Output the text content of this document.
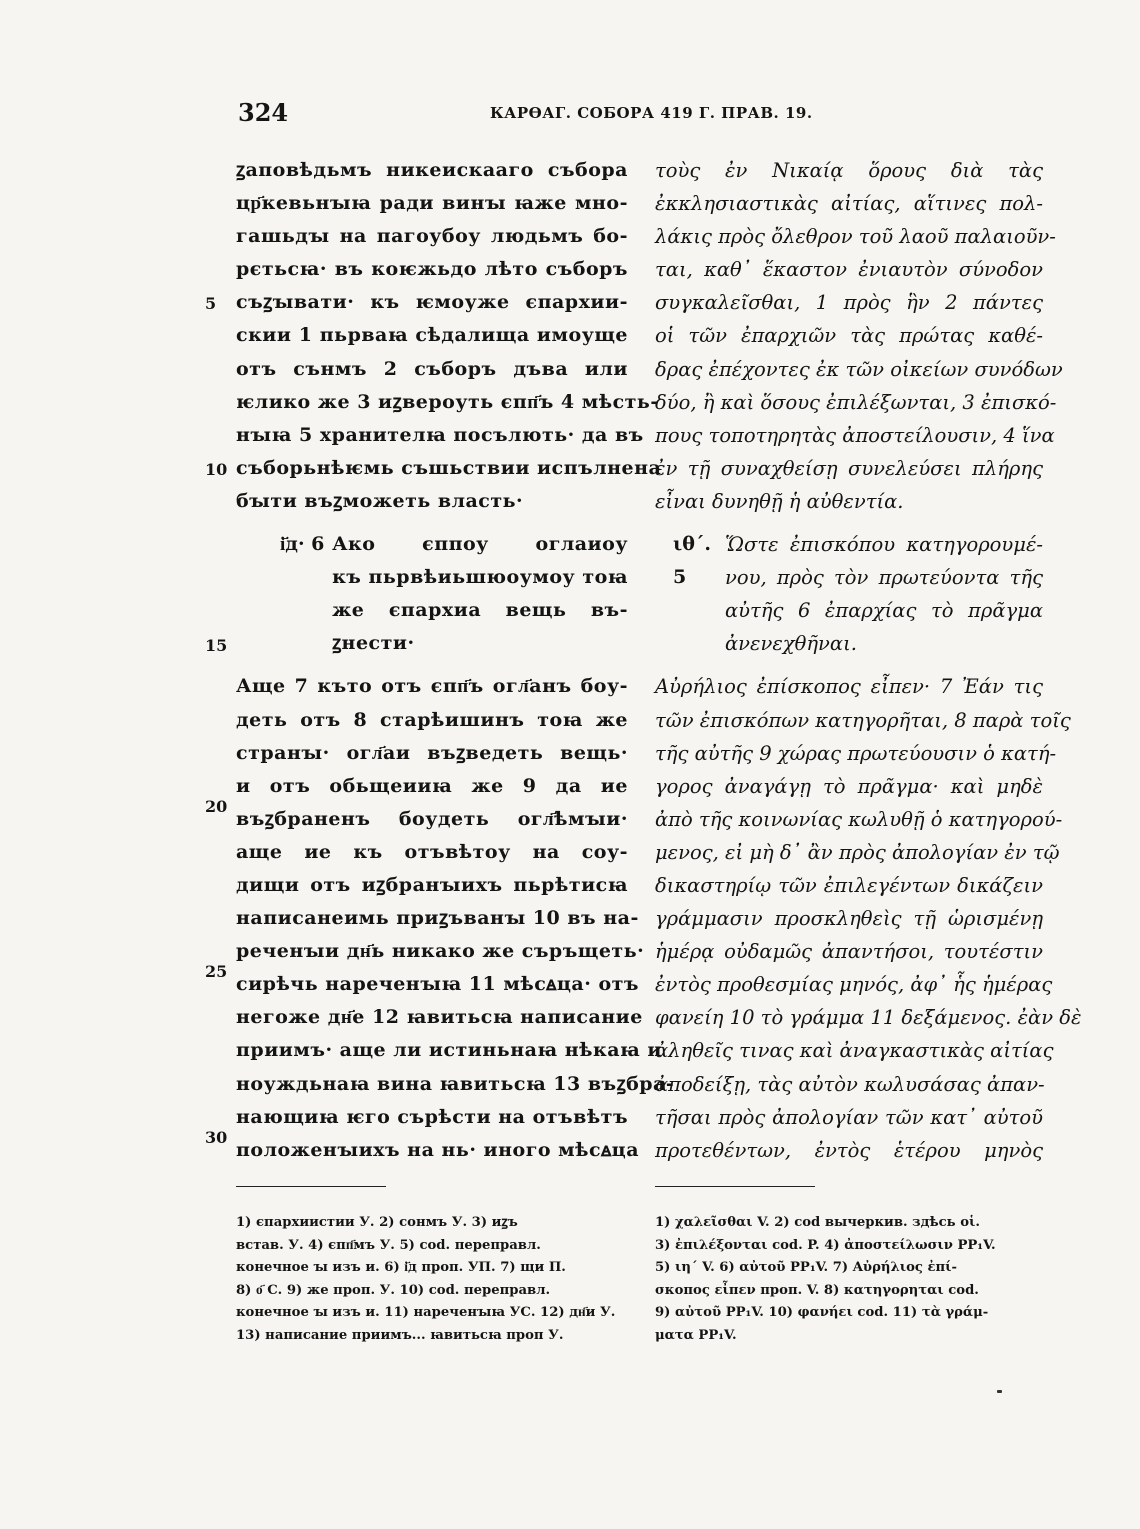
324	КАРѲАГ. СОБОРА 419 Г. ПРАВ. 19.
5
10
15
20
25
30
ꙁаповѣдьмъ никеискааго събора
цр҃кевьнꙑꙗ ради винꙑ ꙗже мно-
гашьдꙑ на пагоубоу людьмъ бо-
рєтьсꙗ· въ коѥжьдо лѣто съборъ
съꙁꙑвати· къ ѥмоуже єпархии-
скии 1 пьрваꙗ сѣдалища имоуще
отъ сънмъ 2 съборъ дъва или
ѥлико же 3 иꙁвероуть єпп҃ъ 4 мѣсть-
нꙑꙗ 5 хранителꙗ посълють· да въ
съборьнѣѥмь съшьствии испълнена
бꙑти въꙁможеть власть·
і҃д· 6 Ако єппоу оглаиоу
къ пьрвѣиьшюоумоу тоꙗ
же єпархиа вещь въ-
ꙁнести·
Аще 7 къто отъ єпп҃ъ огл҃анъ боу-
деть отъ 8 старѣишинъ тоꙗ же
странꙑ· огл҃аи въꙁведеть вещь·
и отъ обьщеииꙗ же 9 да ие
въꙁбраненъ боудеть огл҃ѣмꙑи·
аще ие къ отъвѣтоу на соу-
дищи отъ иꙁбранꙑихъ пьрѣтисꙗ
написанеимь приꙁъванꙑ 10 въ на-
реченꙑи дн҃ь никако же съръщеть·
сирѣчь нареченꙑꙗ 11 мѣсꙙца· отъ
негоже дн҃е 12 ꙗвитьсꙗ написание
приимъ· аще ли истиньнаꙗ нѣкаꙗ и
ноуждьнаꙗ вина ꙗвитьсꙗ 13 въꙁбра-
нающиꙗ ѥго сърѣсти на отъвѣтъ
положенꙑихъ на нь· иного мѣсꙙца
τοὺς ἐν Νικαίᾳ ὅρους διὰ τὰς
ἐκκλησιαστικὰς αἰτίας, αἵτινες πολ-
λάκις πρὸς ὄλεθρον τοῦ λαοῦ παλαιοῦν-
ται, καθ᾽ ἕκαστον ἐνιαυτὸν σύνοδον
συγκαλεῖσθαι, 1 πρὸς ἣν 2 πάντες
οἱ τῶν ἐπαρχιῶν τὰς πρώτας καθέ-
δρας ἐπέχοντες ἐκ τῶν οἰκείων συνόδων
δύο, ἢ καὶ ὅσους ἐπιλέξωνται, 3 ἐπισκό-
πους τοποτηρητὰς ἀποστείλουσιν, 4 ἵνα
ἐν τῇ συναχθείσῃ συνελεύσει πλήρης
εἶναι δυνηθῇ ἡ αὐθεντία.
ιθ΄. 5
Ὥστε ἐπισκόπου κατηγορουμέ-
νου, πρὸς τὸν πρωτεύοντα τῆς
αὐτῆς 6 ἐπαρχίας τὸ πρᾶγμα
ἀνενεχθῆναι.
Αὐρήλιος ἐπίσκοπος εἶπεν· 7 Ἐάν τις
τῶν ἐπισκόπων κατηγορῆται, 8 παρὰ τοῖς
τῆς αὐτῆς 9 χώρας πρωτεύουσιν ὁ κατή-
γορος ἀναγάγῃ τὸ πρᾶγμα· καὶ μηδὲ
ἀπὸ τῆς κοινωνίας κωλυθῇ ὁ κατηγορού-
μενος, εἰ μὴ δ᾽ ἂν πρὸς ἀπολογίαν ἐν τῷ
δικαστηρίῳ τῶν ἐπιλεγέντων δικάζειν
γράμμασιν προσκληθεὶς τῇ ὡρισμένῃ
ἡμέρᾳ οὐδαμῶς ἀπαντήσοι, τουτέστιν
ἐντὸς προθεσμίας μηνός, ἀφ᾽ ἧς ἡμέρας
φανείη 10 τὸ γράμμα 11 δεξάμενος. ἐὰν δὲ
ἀληθεῖς τινας καὶ ἀναγκαστικὰς αἰτίας
ἀποδείξῃ, τὰς αὐτὸν κωλυσάσας ἀπαν-
τῆσαι πρὸς ἀπολογίαν τῶν κατ᾽ αὐτοῦ
προτεθέντων, ἐντὸς ἑτέρου μηνὸς
1) єпархиистии У. 2) сонмъ У. 3) иꙁъ
встав. У. 4) єпп҃мъ У. 5) cod. переправл.
конечное ꙑ изъ и. 6) і҃д проп. УП. 7) щи П.
8) о҃ С. 9) же проп. У. 10) cod. переправл.
конечное ꙑ изъ и. 11) нареченꙑꙗ УС. 12) дн҃и У.
13) написание приимъ... ꙗвитьсꙗ проп У.
1) χαλεῖσθαι V. 2) cod вычеркив. здѣсь οἱ.
3) ἐπιλέξονται cod. P. 4) ἀποστείλωσιν PP₁V.
5) ιη΄ V. 6) αὐτοῦ PP₁V. 7) Αὐρήλιος ἐπί-
σκοπος εἶπεν проп. V. 8) κατηγορηται cod.
9) αὐτοῦ PP₁V. 10) φανήει cod. 11) τὰ γράμ-
ματα PP₁V.
